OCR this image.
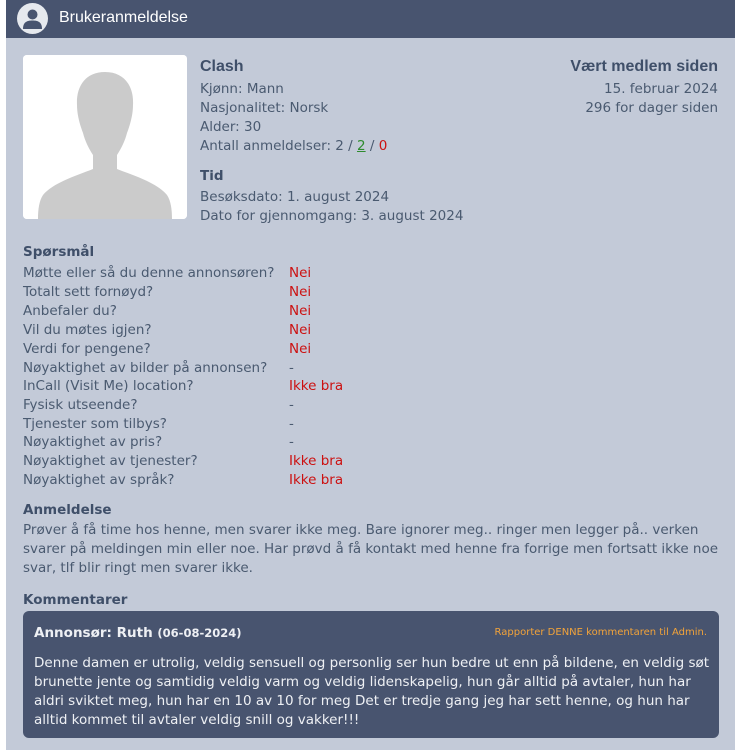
Brukeranmeldelse
Clash
Kjønn: Mann
Nasjonalitet: Norsk
Alder: 30
Antall anmeldelser: 2 / 2 / 0
Tid
Besøksdato: 1. august 2024
Dato for gjennomgang: 3. august 2024
Vært medlem siden
15. februar 2024
296 for dager siden
Spørsmål
Møtte eller så du denne annonsøren? Nei
Totalt sett fornøyd?	Nei
Anbefaler du?	Nei
Vil du møtes igjen?	Nei
Verdi for pengene?	Nei
Nøyaktighet av bilder på annonsen? -
InCall (Visit Me) location?	Ikke bra
Fysisk utseende?	-
Tjenester som tilbys?	-
Nøyaktighet av pris?	-
Nøyaktighet av tjenester?	Ikke bra
Nøyaktighet av språk?	Ikke bra
Anmeldelse
Prøver å få time hos henne, men svarer ikke meg. Bare ignorer meg.. ringer men legger på.. verken svarer på meldingen min eller noe. Har prøvd å få kontakt med henne fra forrige men fortsatt ikke noe svar, tlf blir ringt men svarer ikke.
Kommentarer
Annonsør: Ruth (06-08-2024)	Rapporter DENNE kommentaren til Admin.
Denne damen er utrolig, veldig sensuell og personlig ser hun bedre ut enn på bildene, en veldig søt brunette jente og samtidig veldig varm og veldig lidenskapelig, hun går alltid på avtaler, hun har aldri sviktet meg, hun har en 10 av 10 for meg Det er tredje gang jeg har sett henne, og hun har alltid kommet til avtaler veldig snill og vakker!!!
